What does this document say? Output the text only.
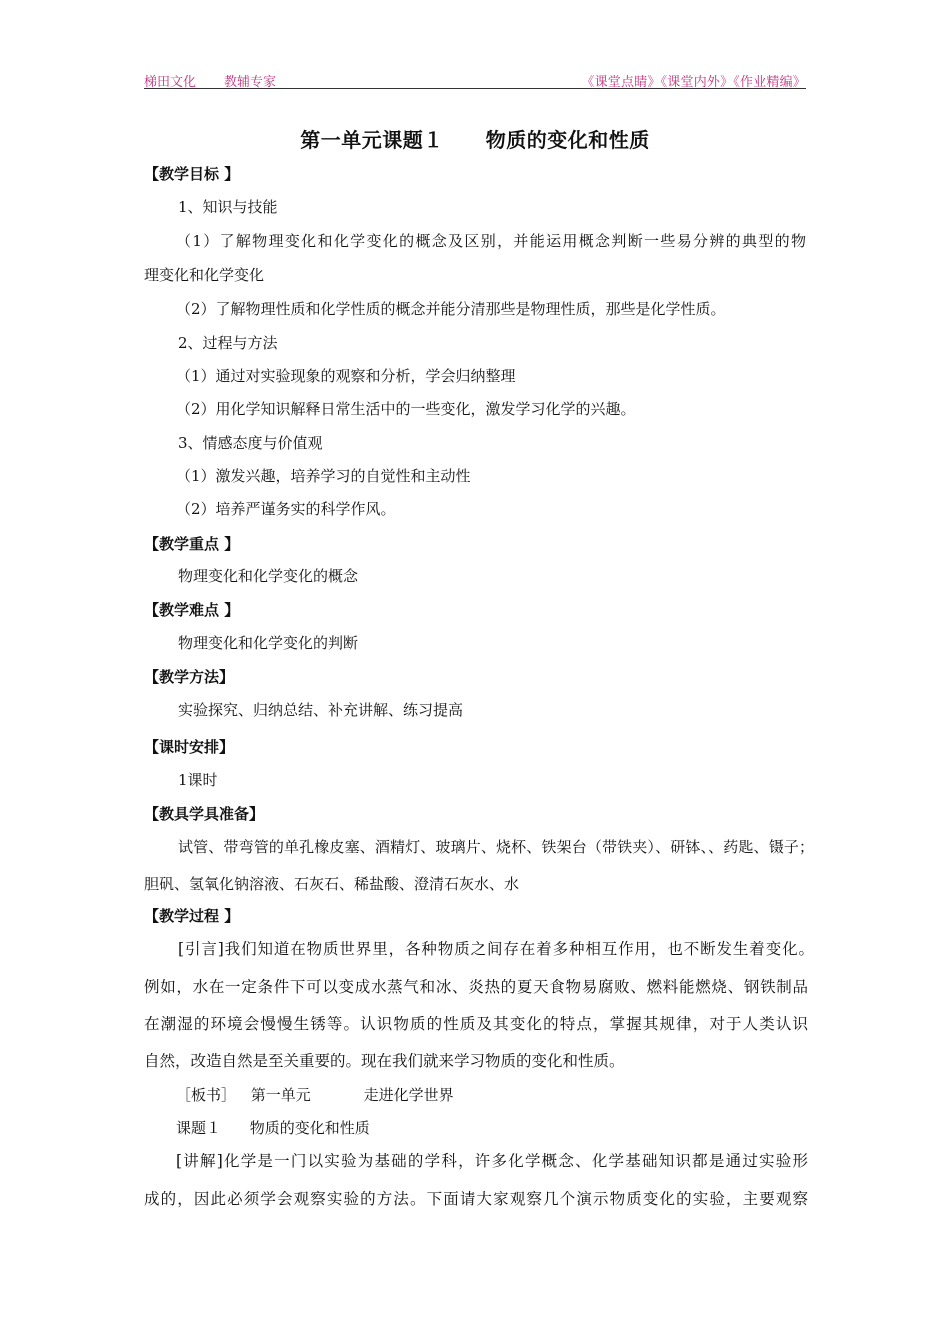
梯田文化 教辅专家	《课堂点睛》《课堂内外》《作业精编》
第一单元课题１ 物质的变化和性质
【教学目标 】
1、知识与技能
（1）了解物理变化和化学变化的概念及区别，并能运用概念判断一些易分辨的典型的物
理变化和化学变化
（2）了解物理性质和化学性质的概念并能分清那些是物理性质，那些是化学性质。
2、过程与方法
（1）通过对实验现象的观察和分析，学会归纳整理
（2）用化学知识解释日常生活中的一些变化，激发学习化学的兴趣。
3、情感态度与价值观
（1）激发兴趣，培养学习的自觉性和主动性
（2）培养严谨务实的科学作风。
【教学重点 】
物理变化和化学变化的概念
【教学难点 】
物理变化和化学变化的判断
【教学方法】
实验探究、归纳总结、补充讲解、练习提高
【课时安排】
1课时
【教具学具准备】
试管、带弯管的单孔橡皮塞、酒精灯、玻璃片、烧杯、铁架台（带铁夹）、研钵、、药匙、镊子；
胆矾、氢氧化钠溶液、石灰石、稀盐酸、澄清石灰水、水
【教学过程 】
[引言]我们知道在物质世界里，各种物质之间存在着多种相互作用，也不断发生着变化。
例如，水在一定条件下可以变成水蒸气和冰、炎热的夏天食物易腐败、燃料能燃烧、钢铁制品
在潮湿的环境会慢慢生锈等。认识物质的性质及其变化的特点，掌握其规律，对于人类认识
自然，改造自然是至关重要的。现在我们就来学习物质的变化和性质。
［板书］ 第一单元	走进化学世界
课题１ 物质的变化和性质
[讲解]化学是一门以实验为基础的学科，许多化学概念、化学基础知识都是通过实验形
成的，因此必须学会观察实验的方法。下面请大家观察几个演示物质变化的实验，主要观察
